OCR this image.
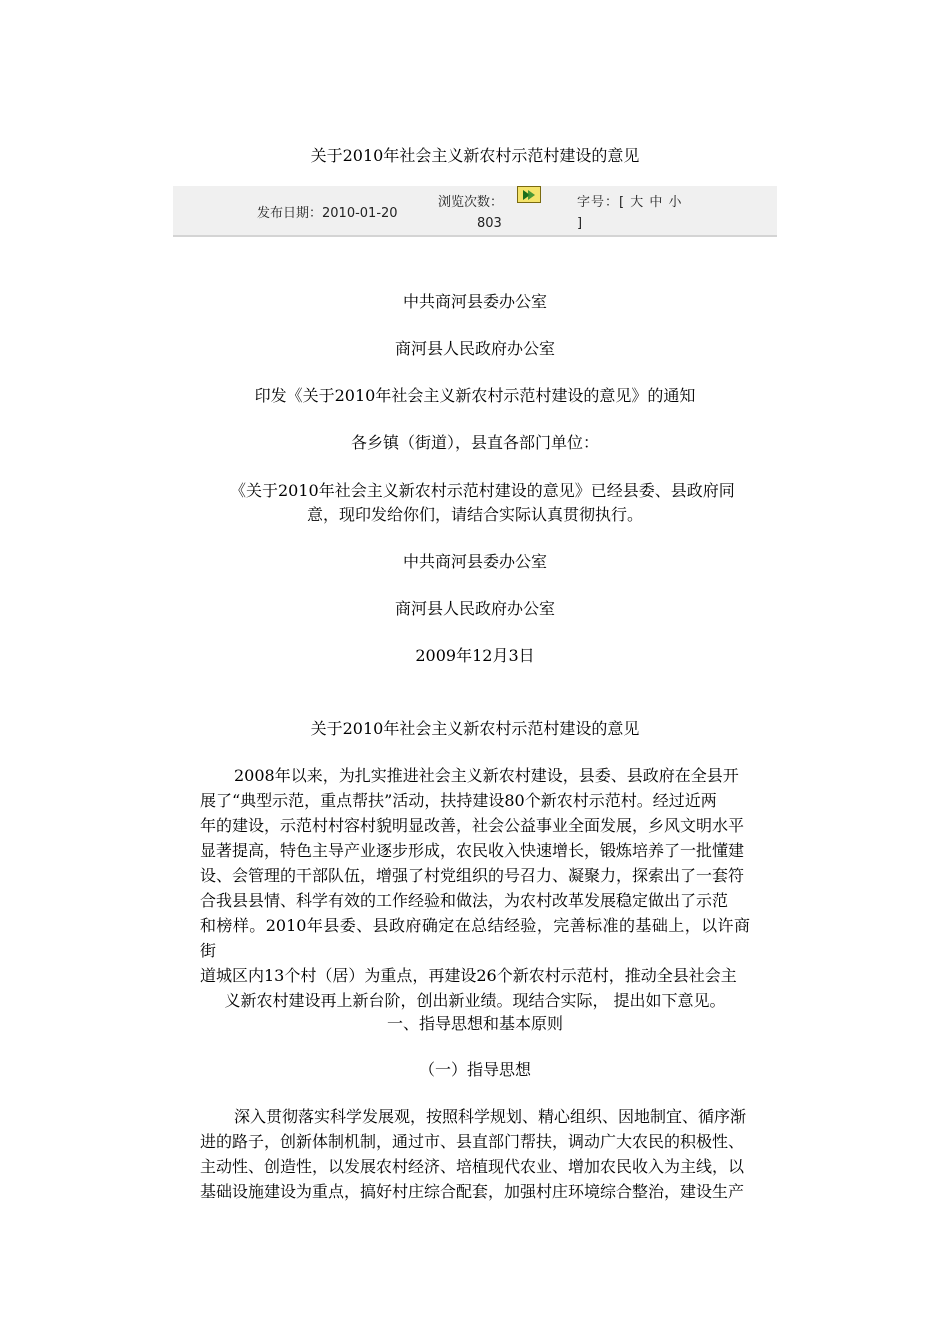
关于2010年社会主义新农村示范村建设的意见
发布日期：2010-01-20
浏览次数：
803
字号：[ 大 中 小
]
中共商河县委办公室
商河县人民政府办公室
印发《关于2010年社会主义新农村示范村建设的意见》的通知
各乡镇（街道），县直各部门单位：
《关于2010年社会主义新农村示范村建设的意见》已经县委、县政府同
意，现印发给你们，请结合实际认真贯彻执行。
中共商河县委办公室
商河县人民政府办公室
2009年12月3日
关于2010年社会主义新农村示范村建设的意见
2008年以来，为扎实推进社会主义新农村建设，县委、县政府在全县开
展了“典型示范，重点帮扶”活动，扶持建设80个新农村示范村。经过近两
年的建设，示范村村容村貌明显改善，社会公益事业全面发展，乡风文明水平
显著提高，特色主导产业逐步形成，农民收入快速增长，锻炼培养了一批懂建
设、会管理的干部队伍，增强了村党组织的号召力、凝聚力，探索出了一套符
合我县县情、科学有效的工作经验和做法，为农村改革发展稳定做出了示范
和榜样。2010年县委、县政府确定在总结经验，完善标准的基础上，以许商街
道城区内13个村（居）为重点，再建设26个新农村示范村，推动全县社会主
义新农村建设再上新台阶，创出新业绩。现结合实际， 提出如下意见。
一、指导思想和基本原则
（一）指导思想
深入贯彻落实科学发展观，按照科学规划、精心组织、因地制宜、循序渐
进的路子，创新体制机制，通过市、县直部门帮扶，调动广大农民的积极性、
主动性、创造性，以发展农村经济、培植现代农业、增加农民收入为主线，以
基础设施建设为重点，搞好村庄综合配套，加强村庄环境综合整治，建设生产
